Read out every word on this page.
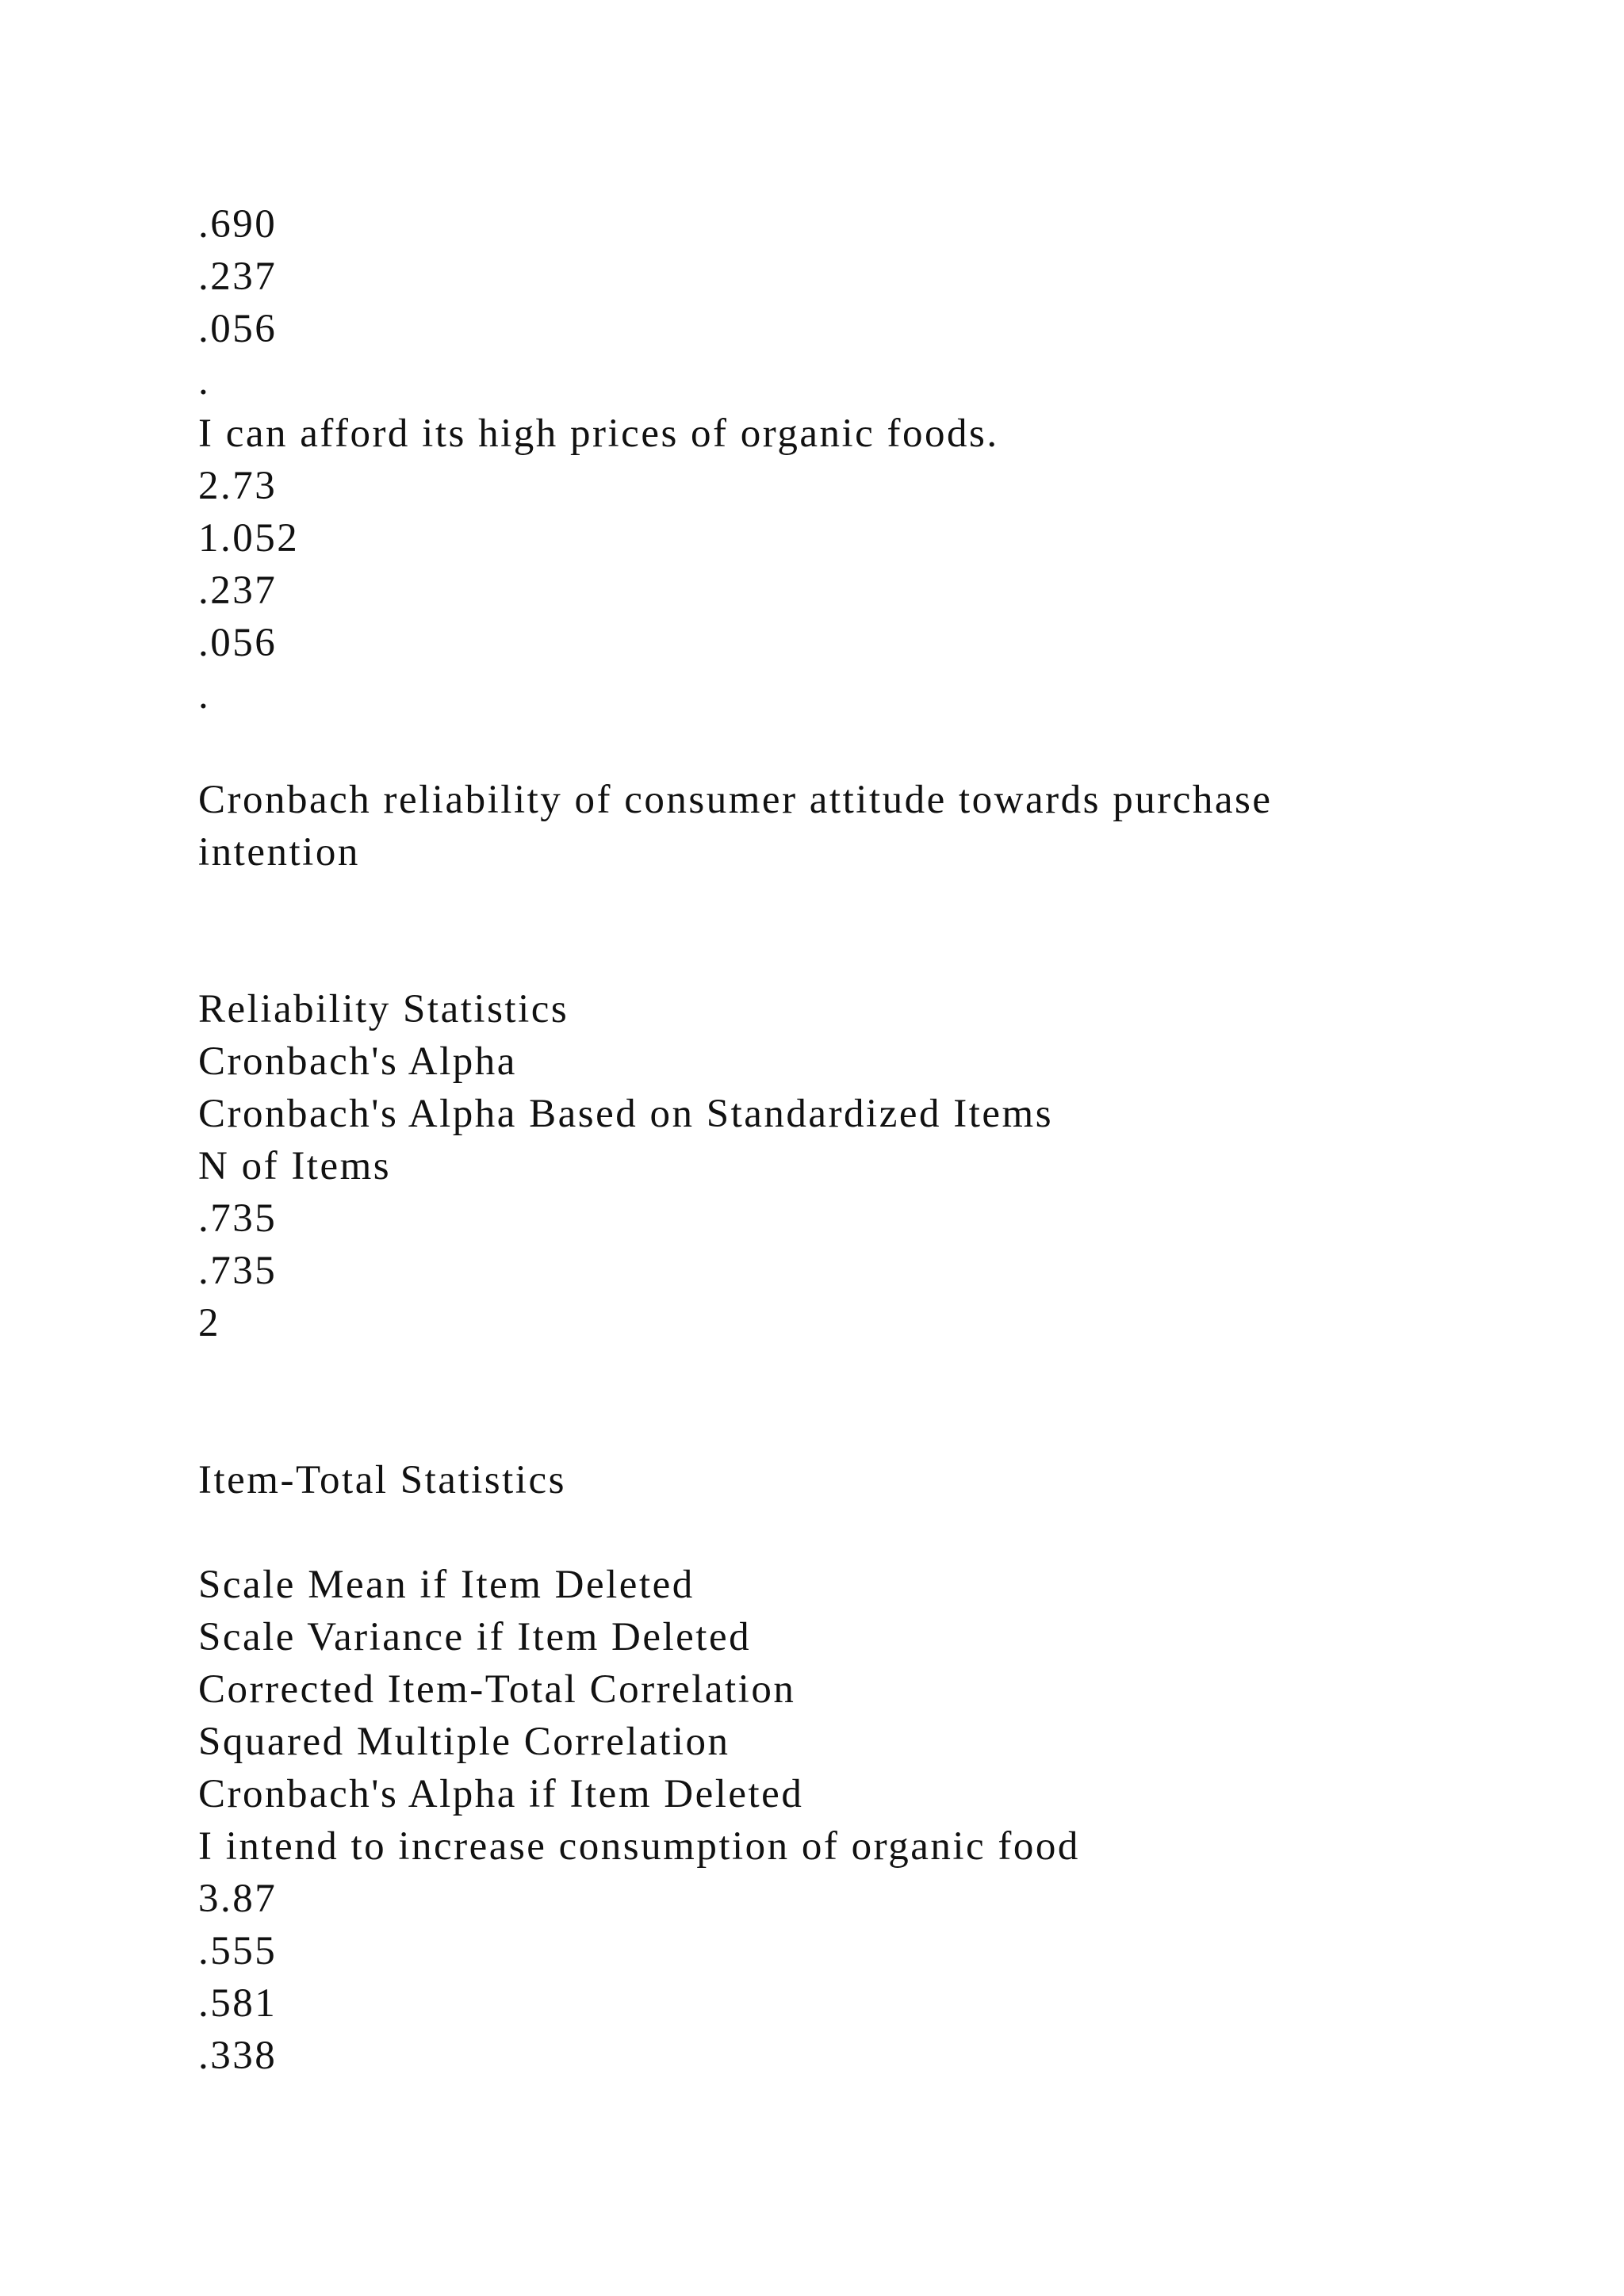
.690
.237
.056
.
I can afford its high prices of organic foods.
2.73
1.052
.237
.056
.
Cronbach reliability of consumer attitude towards purchase
intention
Reliability Statistics
Cronbach's Alpha
Cronbach's Alpha Based on Standardized Items
N of Items
.735
.735
2
Item-Total Statistics
Scale Mean if Item Deleted
Scale Variance if Item Deleted
Corrected Item-Total Correlation
Squared Multiple Correlation
Cronbach's Alpha if Item Deleted
I intend to increase consumption of organic food
3.87
.555
.581
.338
